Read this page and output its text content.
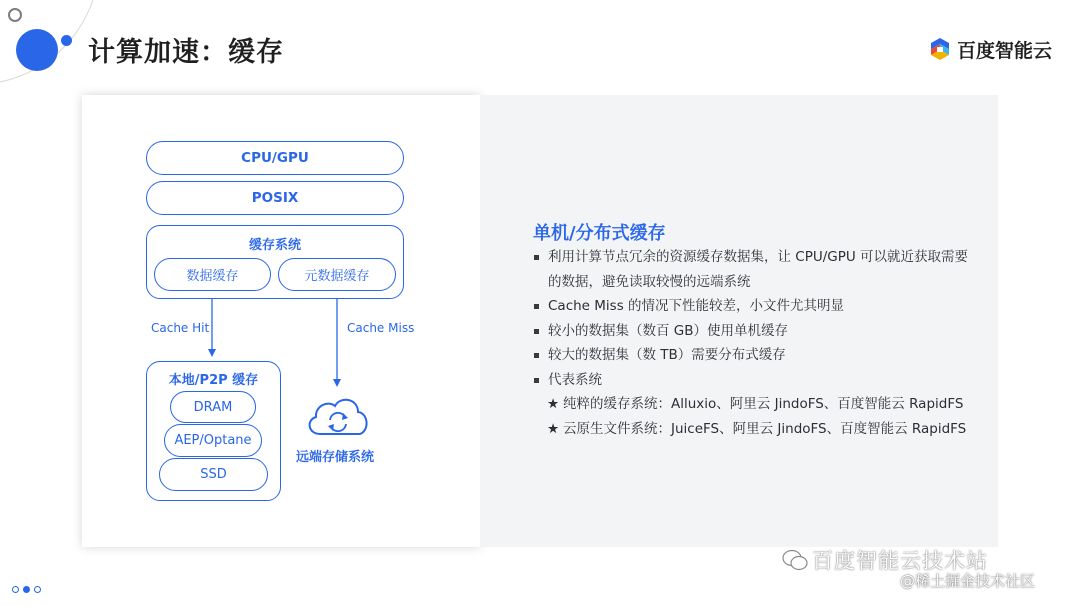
计算加速：缓存	百度智能云
CPU/GPU
POSIX
缓存系统
数据缓存	元数据缓存
Cache Hit	Cache Miss
本地/P2P 缓存
DRAM
AEP/Optane
SSD
远端存储系统
单机/分布式缓存
利用计算节点冗余的资源缓存数据集，让 CPU/GPU 可以就近获取需要的数据，避免读取较慢的远端系统
Cache Miss 的情况下性能较差，小文件尤其明显
较小的数据集（数百 GB）使用单机缓存
较大的数据集（数 TB）需要分布式缓存
代表系统
★ 纯粹的缓存系统：Alluxio、阿里云 JindoFS、百度智能云 RapidFS
★ 云原生文件系统：JuiceFS、阿里云 JindoFS、百度智能云 RapidFS
百度智能云技术站
@稀土掘金技术社区
